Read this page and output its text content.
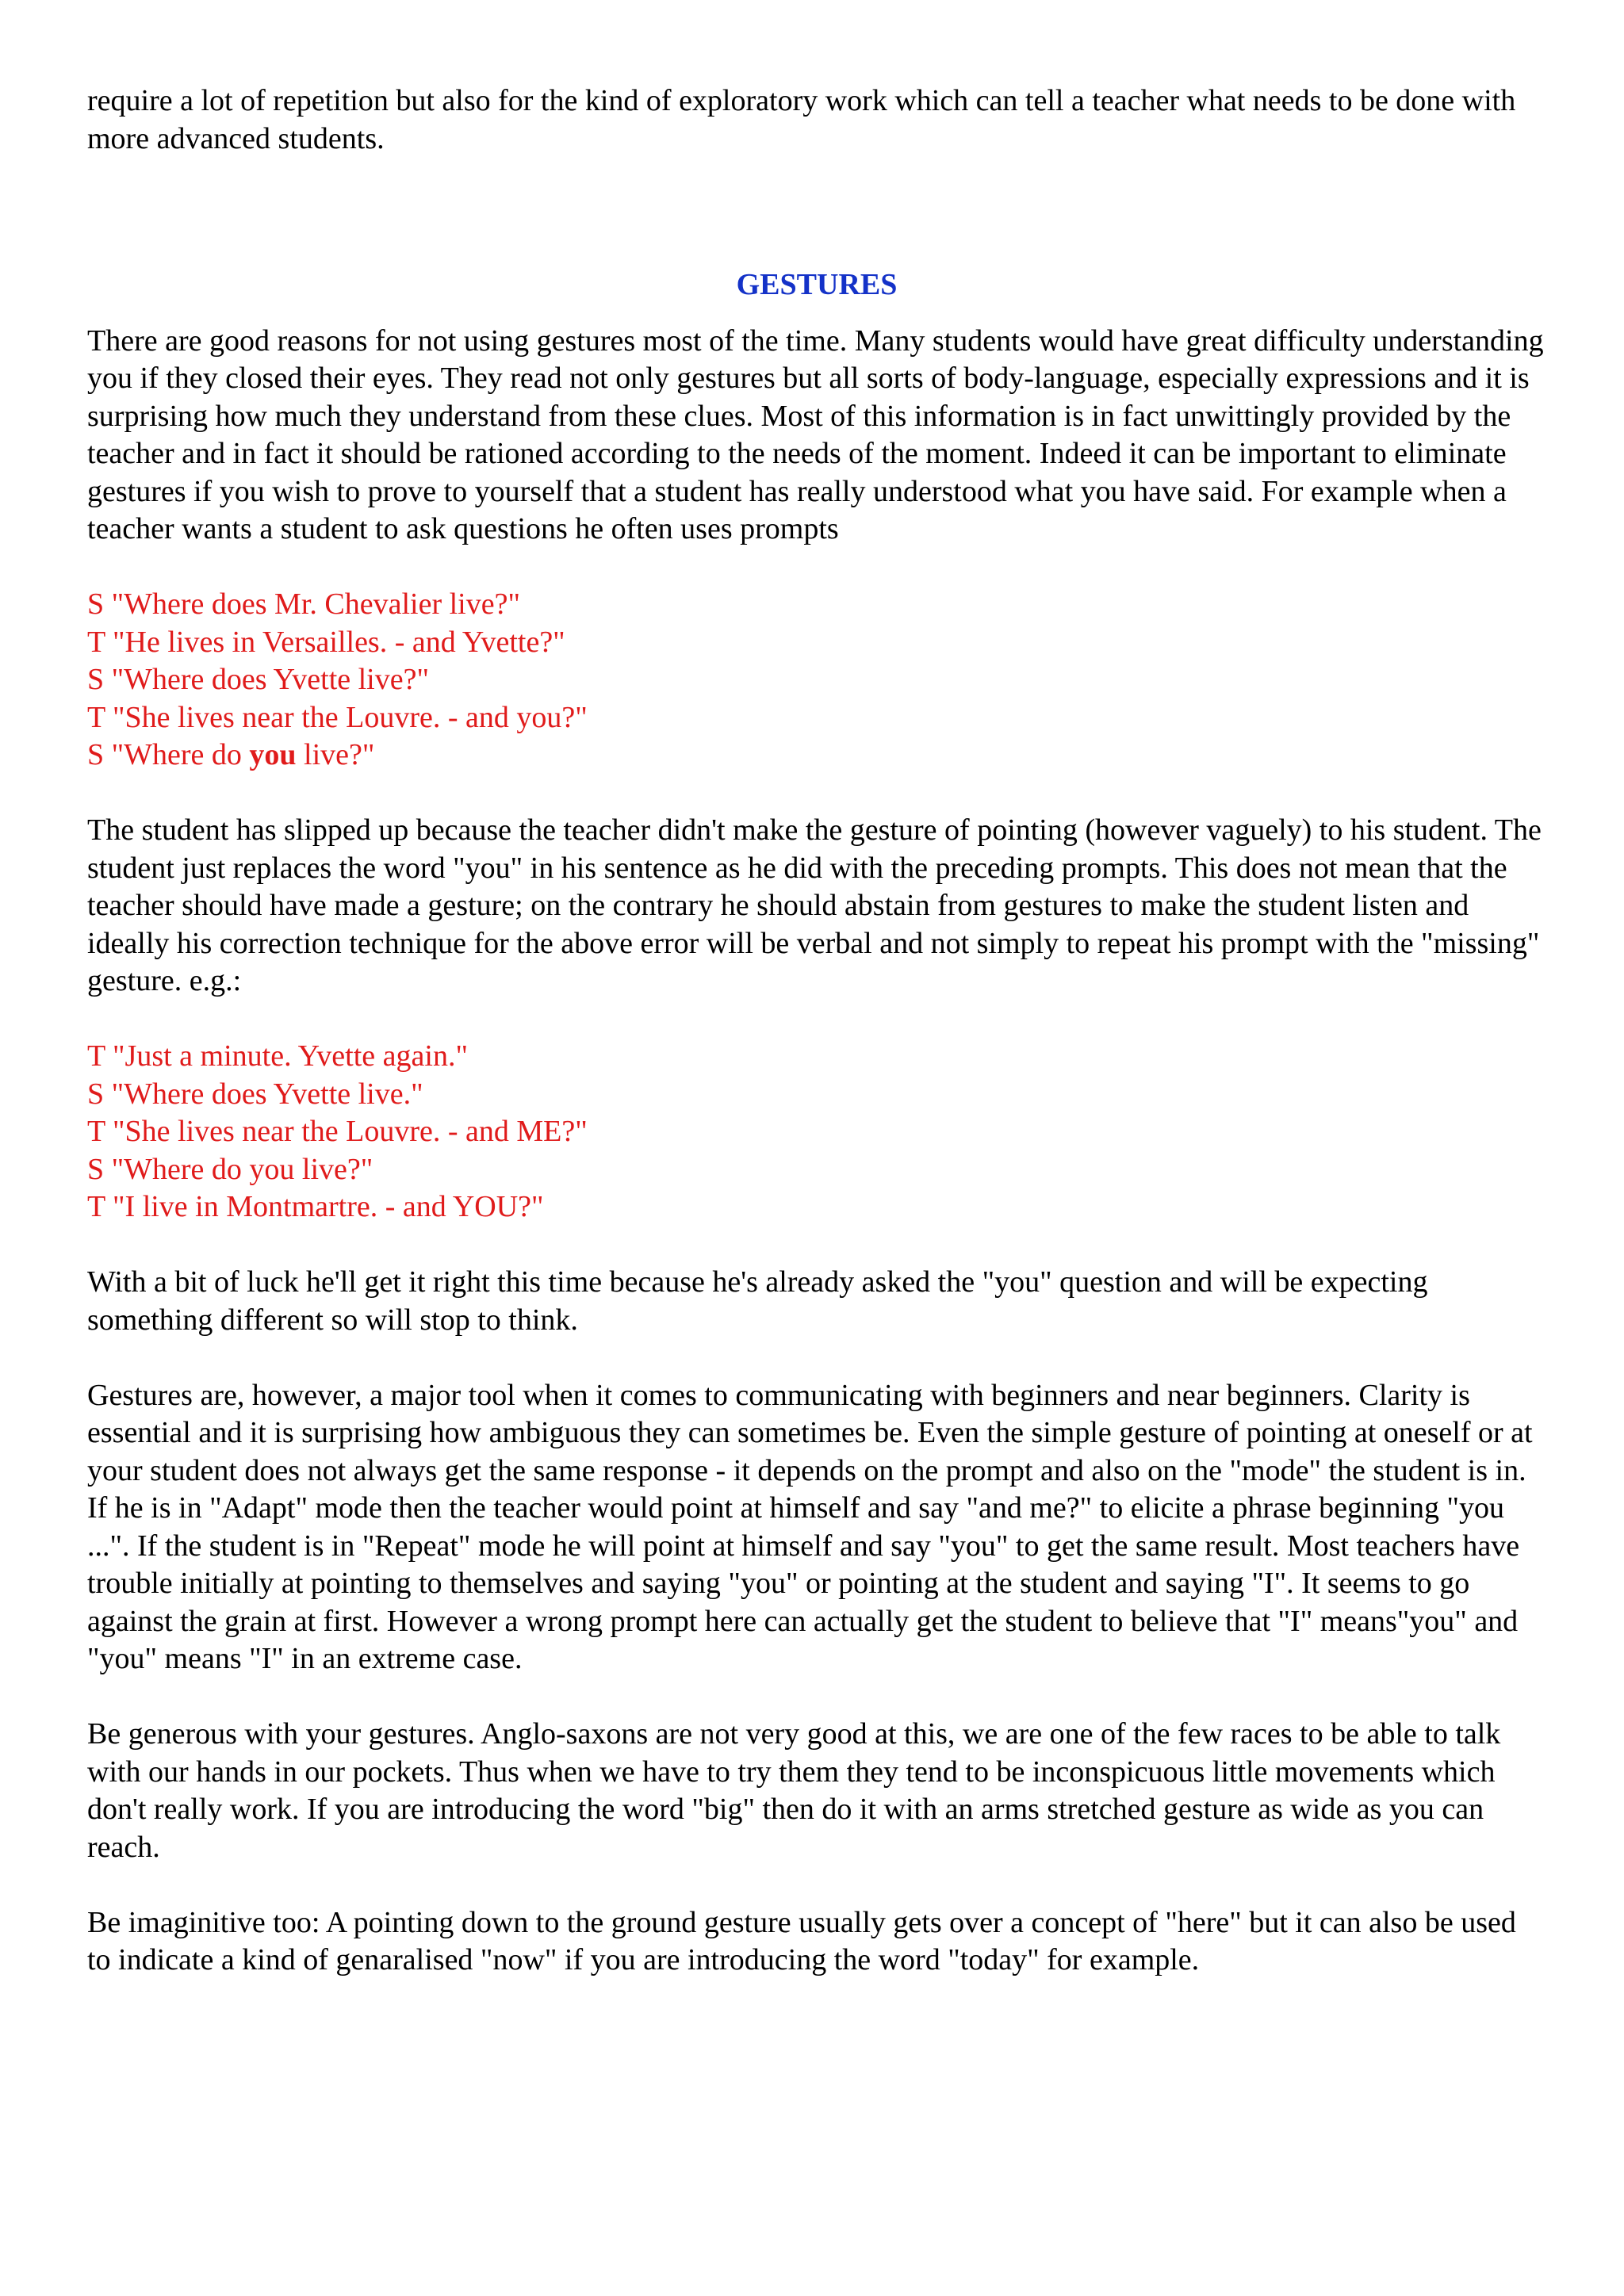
require a lot of repetition but also for the kind of exploratory work which can tell a teacher what needs to be done with more advanced students.

GESTURES

There are good reasons for not using gestures most of the time. Many students would have great difficulty understanding you if they closed their eyes. They read not only gestures but all sorts of body-language, especially expressions and it is surprising how much they understand from these clues. Most of this information is in fact unwittingly provided by the teacher and in fact it should be rationed according to the needs of the moment. Indeed it can be important to eliminate gestures if you wish to prove to yourself that a student has really understood what you have said. For example when a teacher wants a student to ask questions he often uses prompts

S "Where does Mr. Chevalier live?"
T "He lives in Versailles. - and Yvette?"
S "Where does Yvette live?"
T "She lives near the Louvre. - and you?"
S "Where do you live?"

The student has slipped up because the teacher didn't make the gesture of pointing (however vaguely) to his student. The student just replaces the word "you" in his sentence as he did with the preceding prompts. This does not mean that the teacher should have made a gesture; on the contrary he should abstain from gestures to make the student listen and ideally his correction technique for the above error will be verbal and not simply to repeat his prompt with the "missing" gesture. e.g.:

T "Just a minute. Yvette again."
S "Where does Yvette live."
T "She lives near the Louvre. - and ME?"
S "Where do you live?"
T "I live in Montmartre. - and YOU?"

With a bit of luck he'll get it right this time because he's already asked the "you" question and will be expecting something different so will stop to think.

Gestures are, however, a major tool when it comes to communicating with beginners and near beginners. Clarity is essential and it is surprising how ambiguous they can sometimes be. Even the simple gesture of pointing at oneself or at your student does not always get the same response - it depends on the prompt and also on the "mode" the student is in. If he is in "Adapt" mode then the teacher would point at himself and say "and me?" to elicite a phrase beginning "you ...". If the student is in "Repeat" mode he will point at himself and say "you" to get the same result. Most teachers have trouble initially at pointing to themselves and saying "you" or pointing at the student and saying "I". It seems to go against the grain at first. However a wrong prompt here can actually get the student to believe that "I" means"you" and "you" means "I" in an extreme case.

Be generous with your gestures. Anglo-saxons are not very good at this, we are one of the few races to be able to talk with our hands in our pockets. Thus when we have to try them they tend to be inconspicuous little movements which don't really work. If you are introducing the word "big" then do it with an arms stretched gesture as wide as you can reach.

Be imaginitive too: A pointing down to the ground gesture usually gets over a concept of "here" but it can also be used to indicate a kind of genaralised "now" if you are introducing the word "today" for example.
